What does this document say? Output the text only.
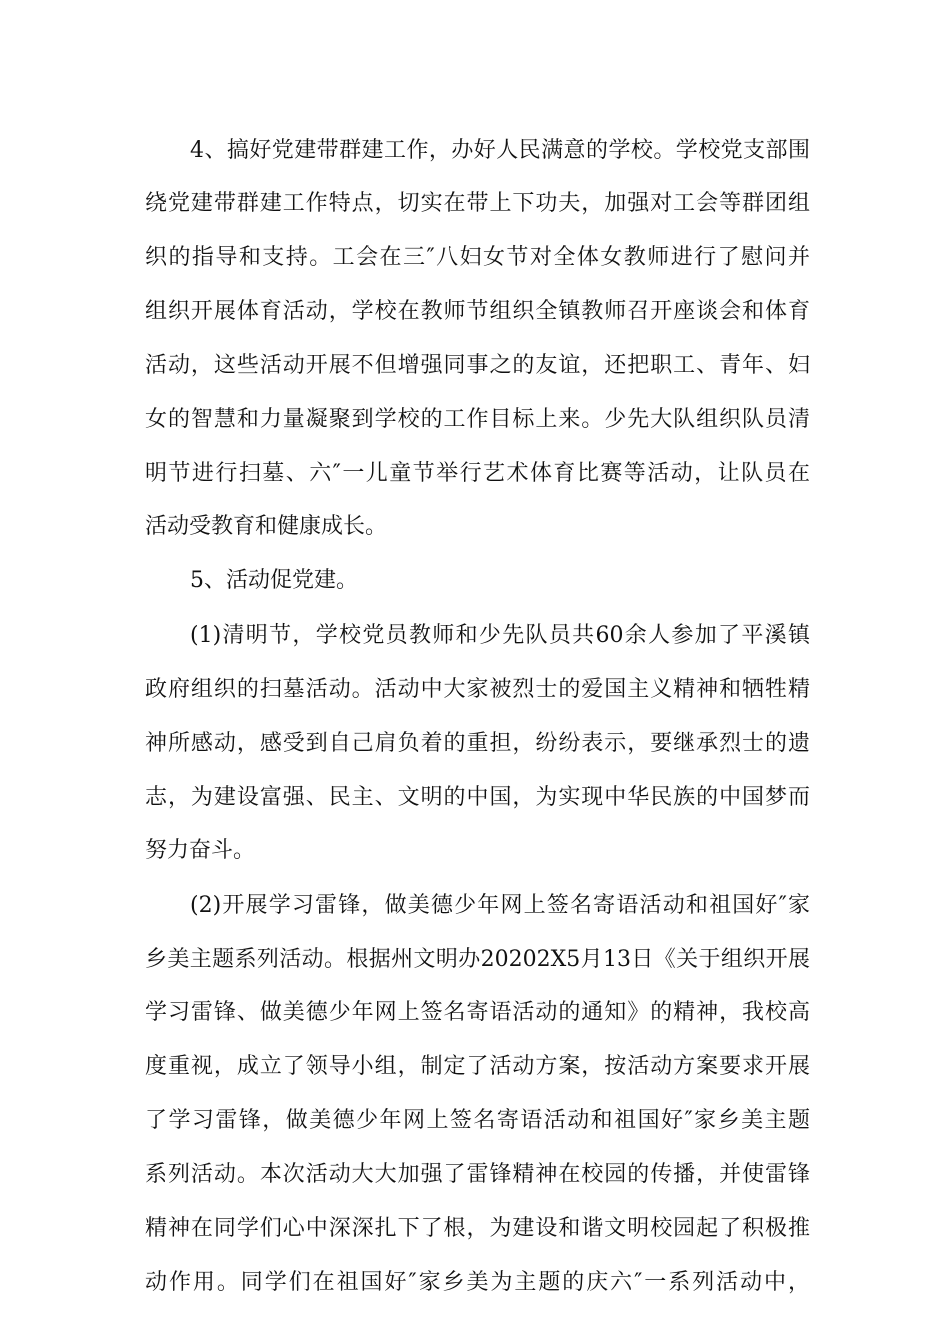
4、搞好党建带群建工作，办好人民满意的学校。学校党支部围
绕党建带群建工作特点，切实在带上下功夫，加强对工会等群团组
织的指导和支持。工会在三″八妇女节对全体女教师进行了慰问并
组织开展体育活动，学校在教师节组织全镇教师召开座谈会和体育
活动，这些活动开展不但增强同事之的友谊，还把职工、青年、妇
女的智慧和力量凝聚到学校的工作目标上来。少先大队组织队员清
明节进行扫墓、六″一儿童节举行艺术体育比赛等活动，让队员在
活动受教育和健康成长。
5、活动促党建。
(1)清明节，学校党员教师和少先队员共60余人参加了平溪镇
政府组织的扫墓活动。活动中大家被烈士的爱国主义精神和牺牲精
神所感动，感受到自己肩负着的重担，纷纷表示，要继承烈士的遗
志，为建设富强、民主、文明的中国，为实现中华民族的中国梦而
努力奋斗。
(2)开展学习雷锋，做美德少年网上签名寄语活动和祖国好″家
乡美主题系列活动。根据州文明办20202X5月13日《关于组织开展
学习雷锋、做美德少年网上签名寄语活动的通知》的精神，我校高
度重视，成立了领导小组，制定了活动方案，按活动方案要求开展
了学习雷锋，做美德少年网上签名寄语活动和祖国好″家乡美主题
系列活动。本次活动大大加强了雷锋精神在校园的传播，并使雷锋
精神在同学们心中深深扎下了根，为建设和谐文明校园起了积极推
动作用。同学们在祖国好″家乡美为主题的庆六″一系列活动中，
